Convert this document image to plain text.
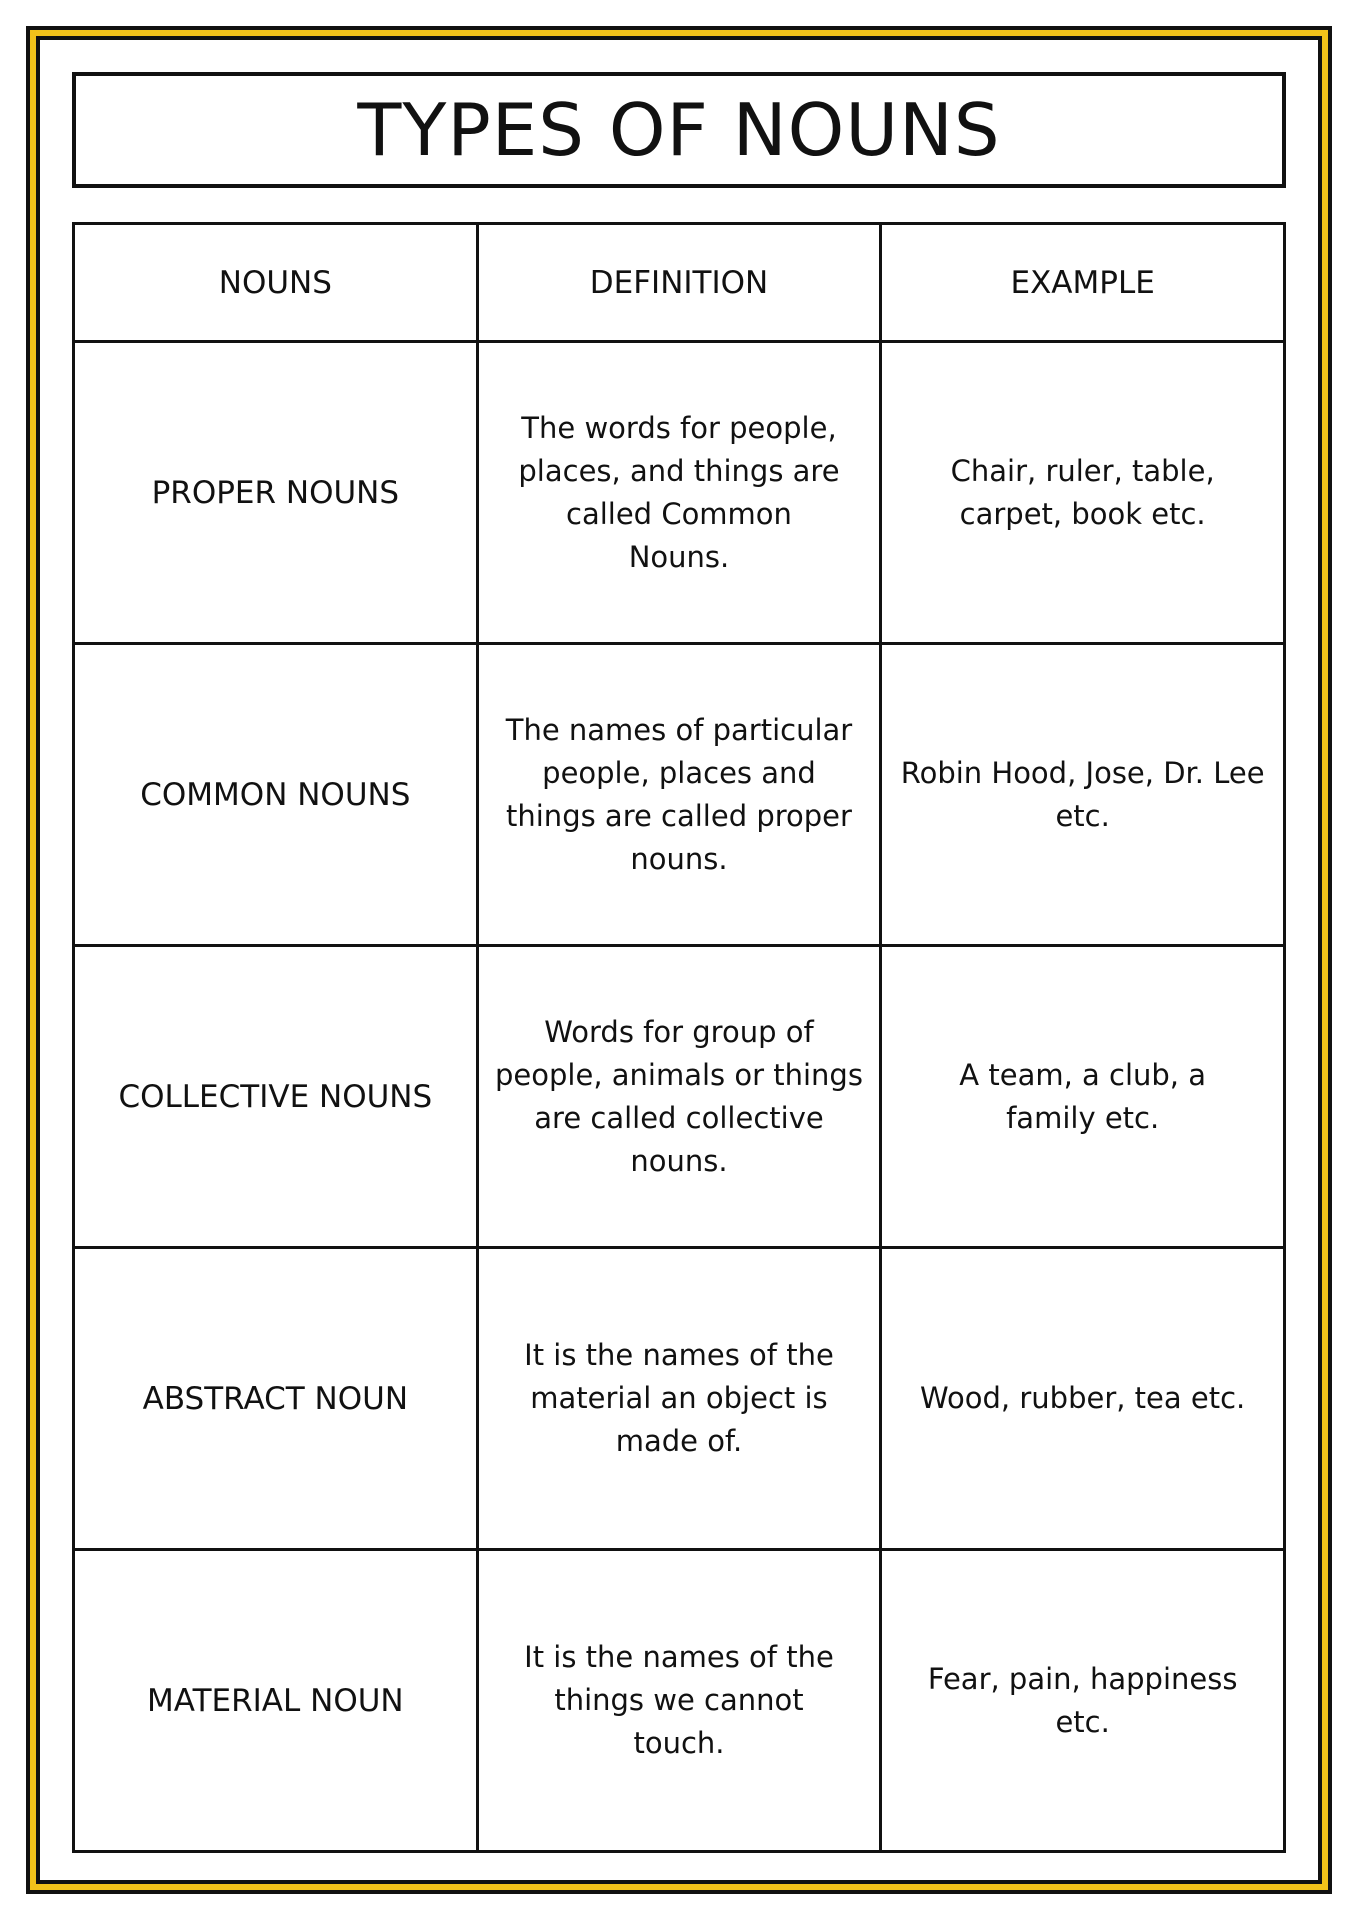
TYPES OF NOUNS
NOUNS	DEFINITION	EXAMPLE
PROPER NOUNS	The words for people, places, and things are called Common Nouns.	Chair, ruler, table, carpet, book etc.
COMMON NOUNS	The names of particular people, places and things are called proper nouns.	Robin Hood, Jose, Dr. Lee etc.
COLLECTIVE NOUNS	Words for group of people, animals or things are called collective nouns.	A team, a club, a family etc.
ABSTRACT NOUN	It is the names of the material an object is made of.	Wood, rubber, tea etc.
MATERIAL NOUN	It is the names of the things we cannot touch.	Fear, pain, happiness etc.
